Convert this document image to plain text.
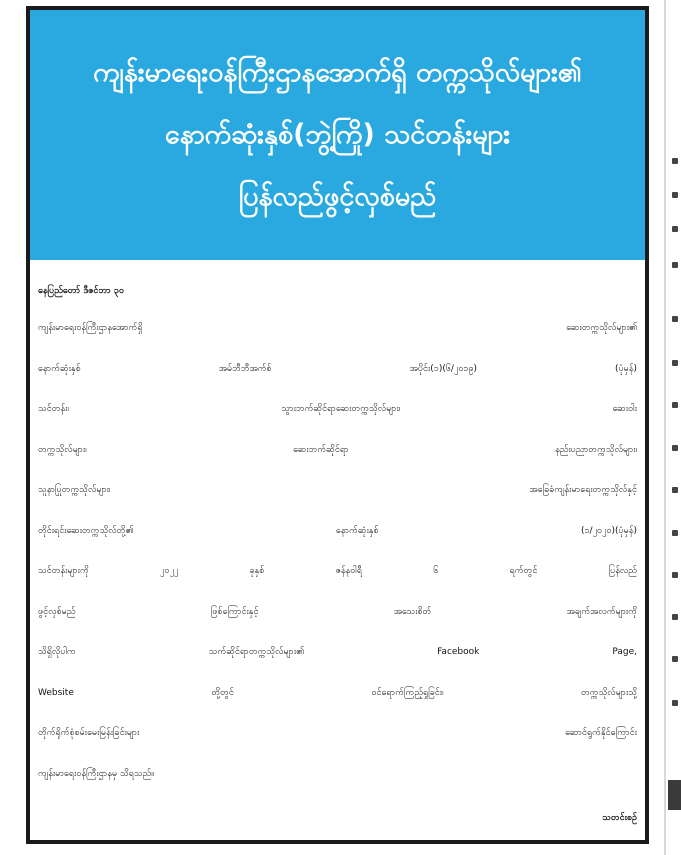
ကျန်းမာရေးဝန်ကြီးဌာနအောက်ရှိ တက္ကသိုလ်များ၏
နောက်ဆုံးနှစ်(ဘွဲ့ကြို) သင်တန်းများ
ပြန်လည်ဖွင့်လှစ်မည်
နေပြည်တော် ဒီဇင်ဘာ ၃၀
ကျန်းမာရေးဝန်ကြီးဌာနအောက်ရှိ ဆေးတက္ကသိုလ်များ၏
နောက်ဆုံးနှစ် အမ်ဘီဘီအက်စ် အပိုင်း(၁)(၆/၂၀၁၉) (ပုံမှန်)
သင်တန်း၊ သွားဘက်ဆိုင်ရာဆေးတက္ကသိုလ်များ၊ ဆေးဝါး
တက္ကသိုလ်များ၊ ဆေးဘက်ဆိုင်ရာ နည်းပညာတက္ကသိုလ်များ၊
သူနာပြုတက္ကသိုလ်များ၊ အခြေခံကျန်းမာရေးတက္ကသိုလ်နှင့်
တိုင်းရင်းဆေးတက္ကသိုလ်တို့၏ နောက်ဆုံးနှစ် (၁/၂၀၂၀)(ပုံမှန်)
သင်တန်းများကို ၂၀၂၂ ခုနှစ် ဇန်နဝါရီ ၆ ရက်တွင် ပြန်လည်
ဖွင့်လှစ်မည် ဖြစ်ကြောင်းနှင့် အသေးစိတ် အချက်အလက်များကို
သိရှိလိုပါက သက်ဆိုင်ရာတက္ကသိုလ်များ၏ Facebook Page,
Website တို့တွင် ဝင်ရောက်ကြည့်ရှုခြင်း၊ တက္ကသိုလ်များသို့
တိုက်ရိုက်စုံစမ်းမေးမြန်းခြင်းများ ဆောင်ရွက်နိုင်ကြောင်း
ကျန်းမာရေးဝန်ကြီးဌာနမှ သိရသည်။
သတင်းစဉ်
